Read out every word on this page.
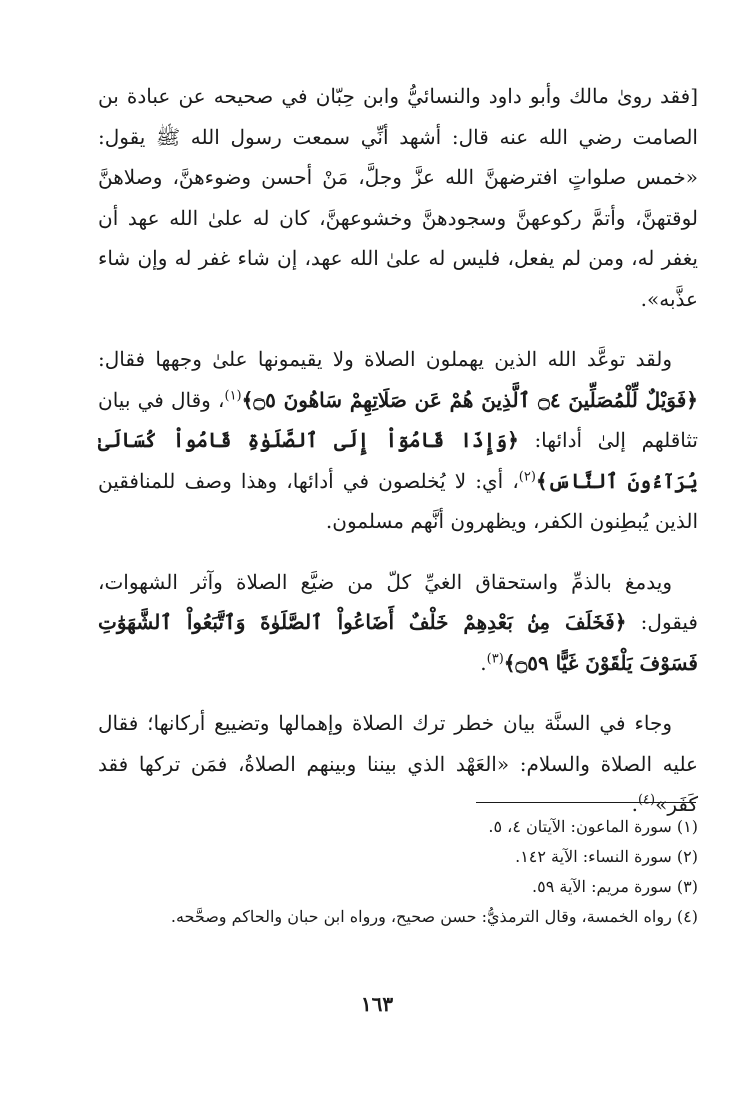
[فقد روىٰ مالك وأبو داود والنسائيُّ وابن حِبّان في صحيحه عن عبادة بن الصامت رضي الله عنه قال: أشهد أنِّي سمعت رسول الله ﷺ يقول: «خمس صلواتٍ افترضهنَّ الله عزَّ وجلَّ، مَنْ أحسن وضوءهنَّ، وصلاهنَّ لوقتهنَّ، وأتمَّ ركوعهنَّ وسجودهنَّ وخشوعهنَّ، كان له علىٰ الله عهد أن يغفر له، ومن لم يفعل، فليس له علىٰ الله عهد، إن شاء غفر له وإن شاء عذَّبه».

ولقد توعَّد الله الذين يهملون الصلاة ولا يقيمونها علىٰ وجهها فقال: ﴿فَوَيْلٌ لِّلْمُصَلِّينَ ۝٤ ٱلَّذِينَ هُمْ عَن صَلَاتِهِمْ سَاهُونَ ۝٥﴾$^{(١)}$، وقال في بيان تثاقلهم إلىٰ أدائها: ﴿وَإِذَا قَامُوٓاْ إِلَى ٱلصَّلَوٰةِ قَامُواْ كُسَالَىٰ يُرَآءُونَ ٱلنَّاسَ﴾$^{(٢)}$، أي: لا يُخلصون في أدائها، وهذا وصف للمنافقين الذين يُبطِنون الكفر، ويظهرون أنَّهم مسلمون.

ويدمغ بالذمِّ واستحقاق الغيِّ كلّ من ضيَّع الصلاة وآثر الشهوات، فيقول: ﴿فَخَلَفَ مِنۢ بَعْدِهِمْ خَلْفٌ أَضَاعُواْ ٱلصَّلَوٰةَ وَٱتَّبَعُواْ ٱلشَّهَوَٰتِ فَسَوْفَ يَلْقَوْنَ غَيًّا ۝٥٩﴾$^{(٣)}$.

وجاء في السنَّة بيان خطر ترك الصلاة وإهمالها وتضييع أركانها؛ فقال عليه الصلاة والسلام: «العَهْد الذي بيننا وبينهم الصلاةُ، فمَن تركها فقد كَفَر»$^{(٤)}$.

(١) سورة الماعون: الآيتان ٤، ٥.

(٢) سورة النساء: الآية ١٤٢.

(٣) سورة مريم: الآية ٥٩.

(٤) رواه الخمسة، وقال الترمذيُّ: حسن صحيح، ورواه ابن حبان والحاكم وصحَّحه.

١٦٣
